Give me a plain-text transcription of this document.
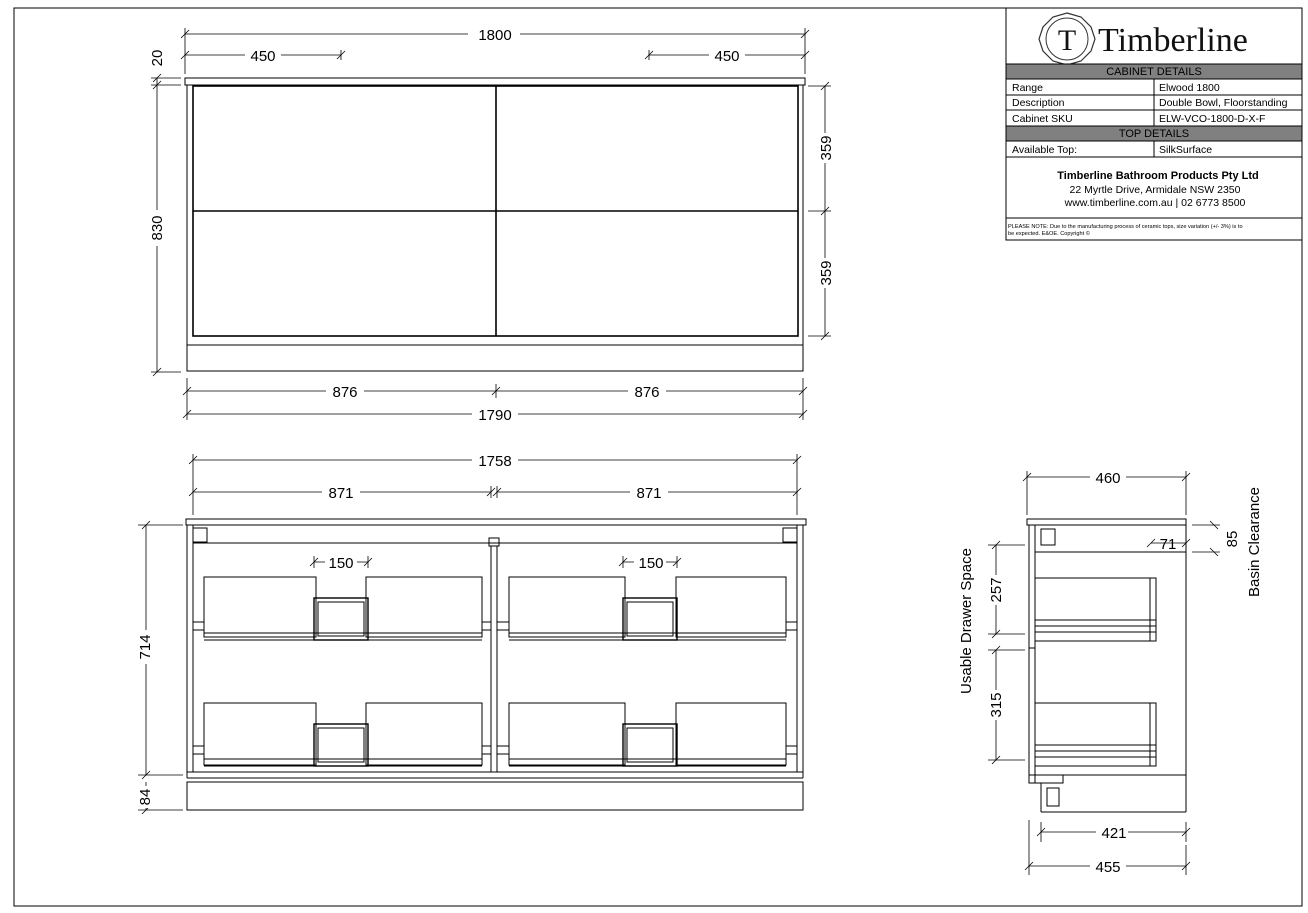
T Timberline
CABINET DETAILS
Range	Elwood 1800
Description	Double Bowl, Floorstanding
Cabinet SKU	ELW-VCO-1800-D-X-F
TOP DETAILS
Available Top:	SilkSurface
Timberline Bathroom Products Pty Ltd
22 Myrtle Drive, Armidale NSW 2350
www.timberline.com.au | 02 6773 8500
PLEASE NOTE: Due to the manufacturing process of ceramic tops, size variation (+/- 3%) is to
be expected. E&OE. Copyright ©
1800
450	450
20
830
359
359
876	876
1790
1758
871	871
150	150
714
84
460
71	85 Basin Clearance
Usable Drawer Space 257
315
421
455
